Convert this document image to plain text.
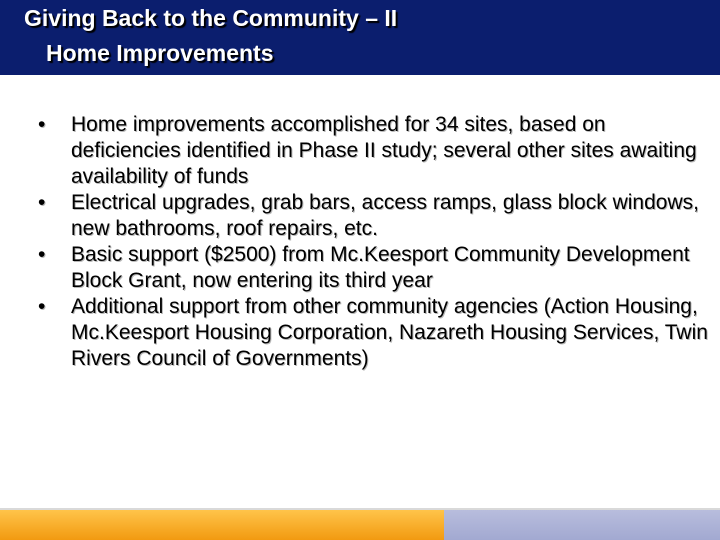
Giving Back to the Community – II
Home Improvements
• Home improvements accomplished for 34 sites, based on deficiencies identified in Phase II study; several other sites awaiting availability of funds
• Electrical upgrades, grab bars, access ramps, glass block windows, new bathrooms, roof repairs, etc.
• Basic support ($2500) from Mc.Keesport Community Development Block Grant, now entering its third year
• Additional support from other community agencies (Action Housing, Mc.Keesport Housing Corporation, Nazareth Housing Services, Twin Rivers Council of Governments)
